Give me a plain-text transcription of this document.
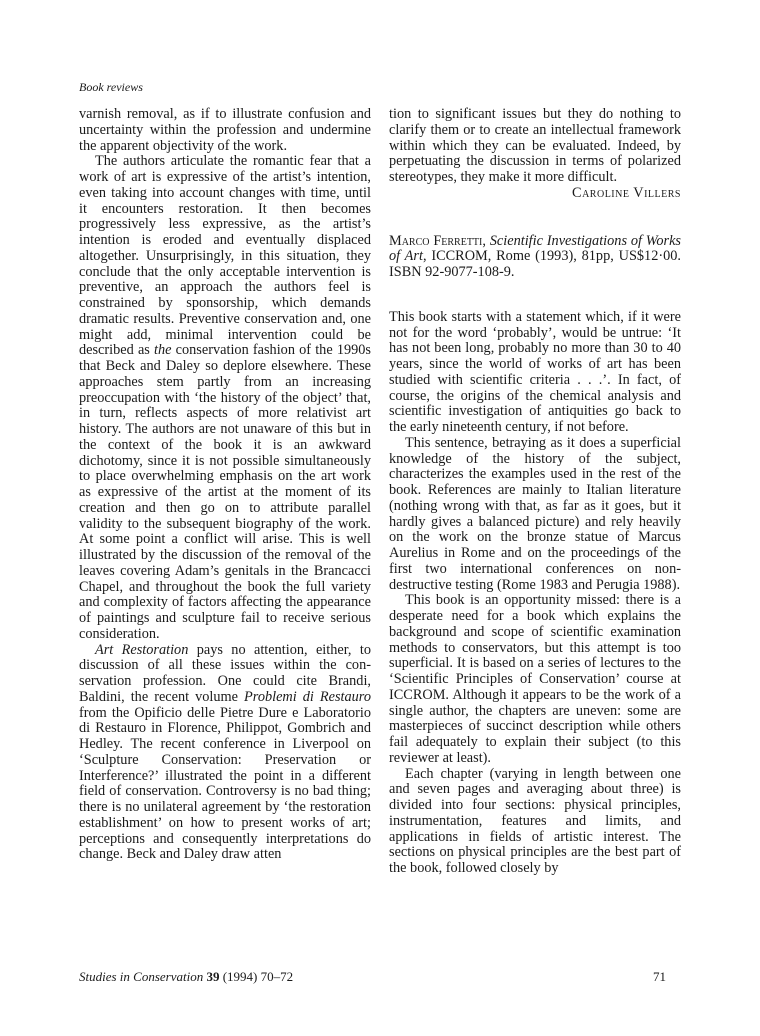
Book reviews

varnish removal, as if to illustrate confusion and uncertainty within the profession and undermine the apparent objectivity of the work.

The authors articulate the romantic fear that a work of art is expressive of the artist’s intention, even taking into account changes with time, until it encounters restoration. It then becomes progressively less expressive, as the artist’s intention is eroded and eventually displaced altogether. Unsurprisingly, in this situation, they conclude that the only acceptable intervention is preventive, an approach the authors feel is constrained by sponsorship, which demands dramatic results. Preventive conservation and, one might add, minimal intervention could be described as the conservation fashion of the 1990s that Beck and Daley so deplore elsewhere. These approaches stem partly from an increasing preoccupation with ‘the history of the object’ that, in turn, reflects aspects of more relativist art history. The authors are not unaware of this but in the context of the book it is an awkward dichotomy, since it is not possible simultaneously to place overwhelming emphasis on the art work as expressive of the artist at the moment of its creation and then go on to attribute parallel validity to the subsequent biography of the work. At some point a conflict will arise. This is well illustrated by the discussion of the removal of the leaves covering Adam’s genitals in the Brancacci Chapel, and throughout the book the full variety and complexity of factors affecting the appearance of paintings and sculpture fail to receive serious consideration.

Art Restoration pays no attention, either, to discussion of all these issues within the conservation profession. One could cite Brandi, Baldini, the recent volume Problemi di Restauro from the Opificio delle Pietre Dure e Laboratorio di Restauro in Florence, Philippot, Gombrich and Hedley. The recent conference in Liverpool on ‘Sculpture Conservation: Preservation or Interference?’ illustrated the point in a different field of conservation. Controversy is no bad thing; there is no unilateral agreement by ‘the restoration establishment’ on how to present works of art; perceptions and consequently interpretations do change. Beck and Daley draw atten

tion to significant issues but they do nothing to clarify them or to create an intellectual framework within which they can be evaluated. Indeed, by perpetuating the discussion in terms of polarized stereotypes, they make it more difficult.

Caroline Villers

Marco Ferretti, Scientific Investigations of Works of Art, ICCROM, Rome (1993), 81pp, US$12·00. ISBN 92-9077-108-9.

This book starts with a statement which, if it were not for the word ‘probably’, would be untrue: ‘It has not been long, probably no more than 30 to 40 years, since the world of works of art has been studied with scientific criteria . . .’. In fact, of course, the origins of the chemical analysis and scientific investigation of antiquities go back to the early nineteenth century, if not before.

This sentence, betraying as it does a superficial knowledge of the history of the subject, characterizes the examples used in the rest of the book. References are mainly to Italian literature (nothing wrong with that, as far as it goes, but it hardly gives a balanced picture) and rely heavily on the work on the bronze statue of Marcus Aurelius in Rome and on the proceedings of the first two international conferences on non-destructive testing (Rome 1983 and Perugia 1988).

This book is an opportunity missed: there is a desperate need for a book which explains the background and scope of scientific examination methods to conservators, but this attempt is too superficial. It is based on a series of lectures to the ‘Scientific Principles of Conservation’ course at ICCROM. Although it appears to be the work of a single author, the chapters are uneven: some are masterpieces of succinct description while others fail adequately to explain their subject (to this reviewer at least).

Each chapter (varying in length between one and seven pages and averaging about three) is divided into four sections: physical principles, instrumentation, features and limits, and applications in fields of artistic interest. The sections on physical principles are the best part of the book, followed closely by

Studies in Conservation 39 (1994) 70–72	71
